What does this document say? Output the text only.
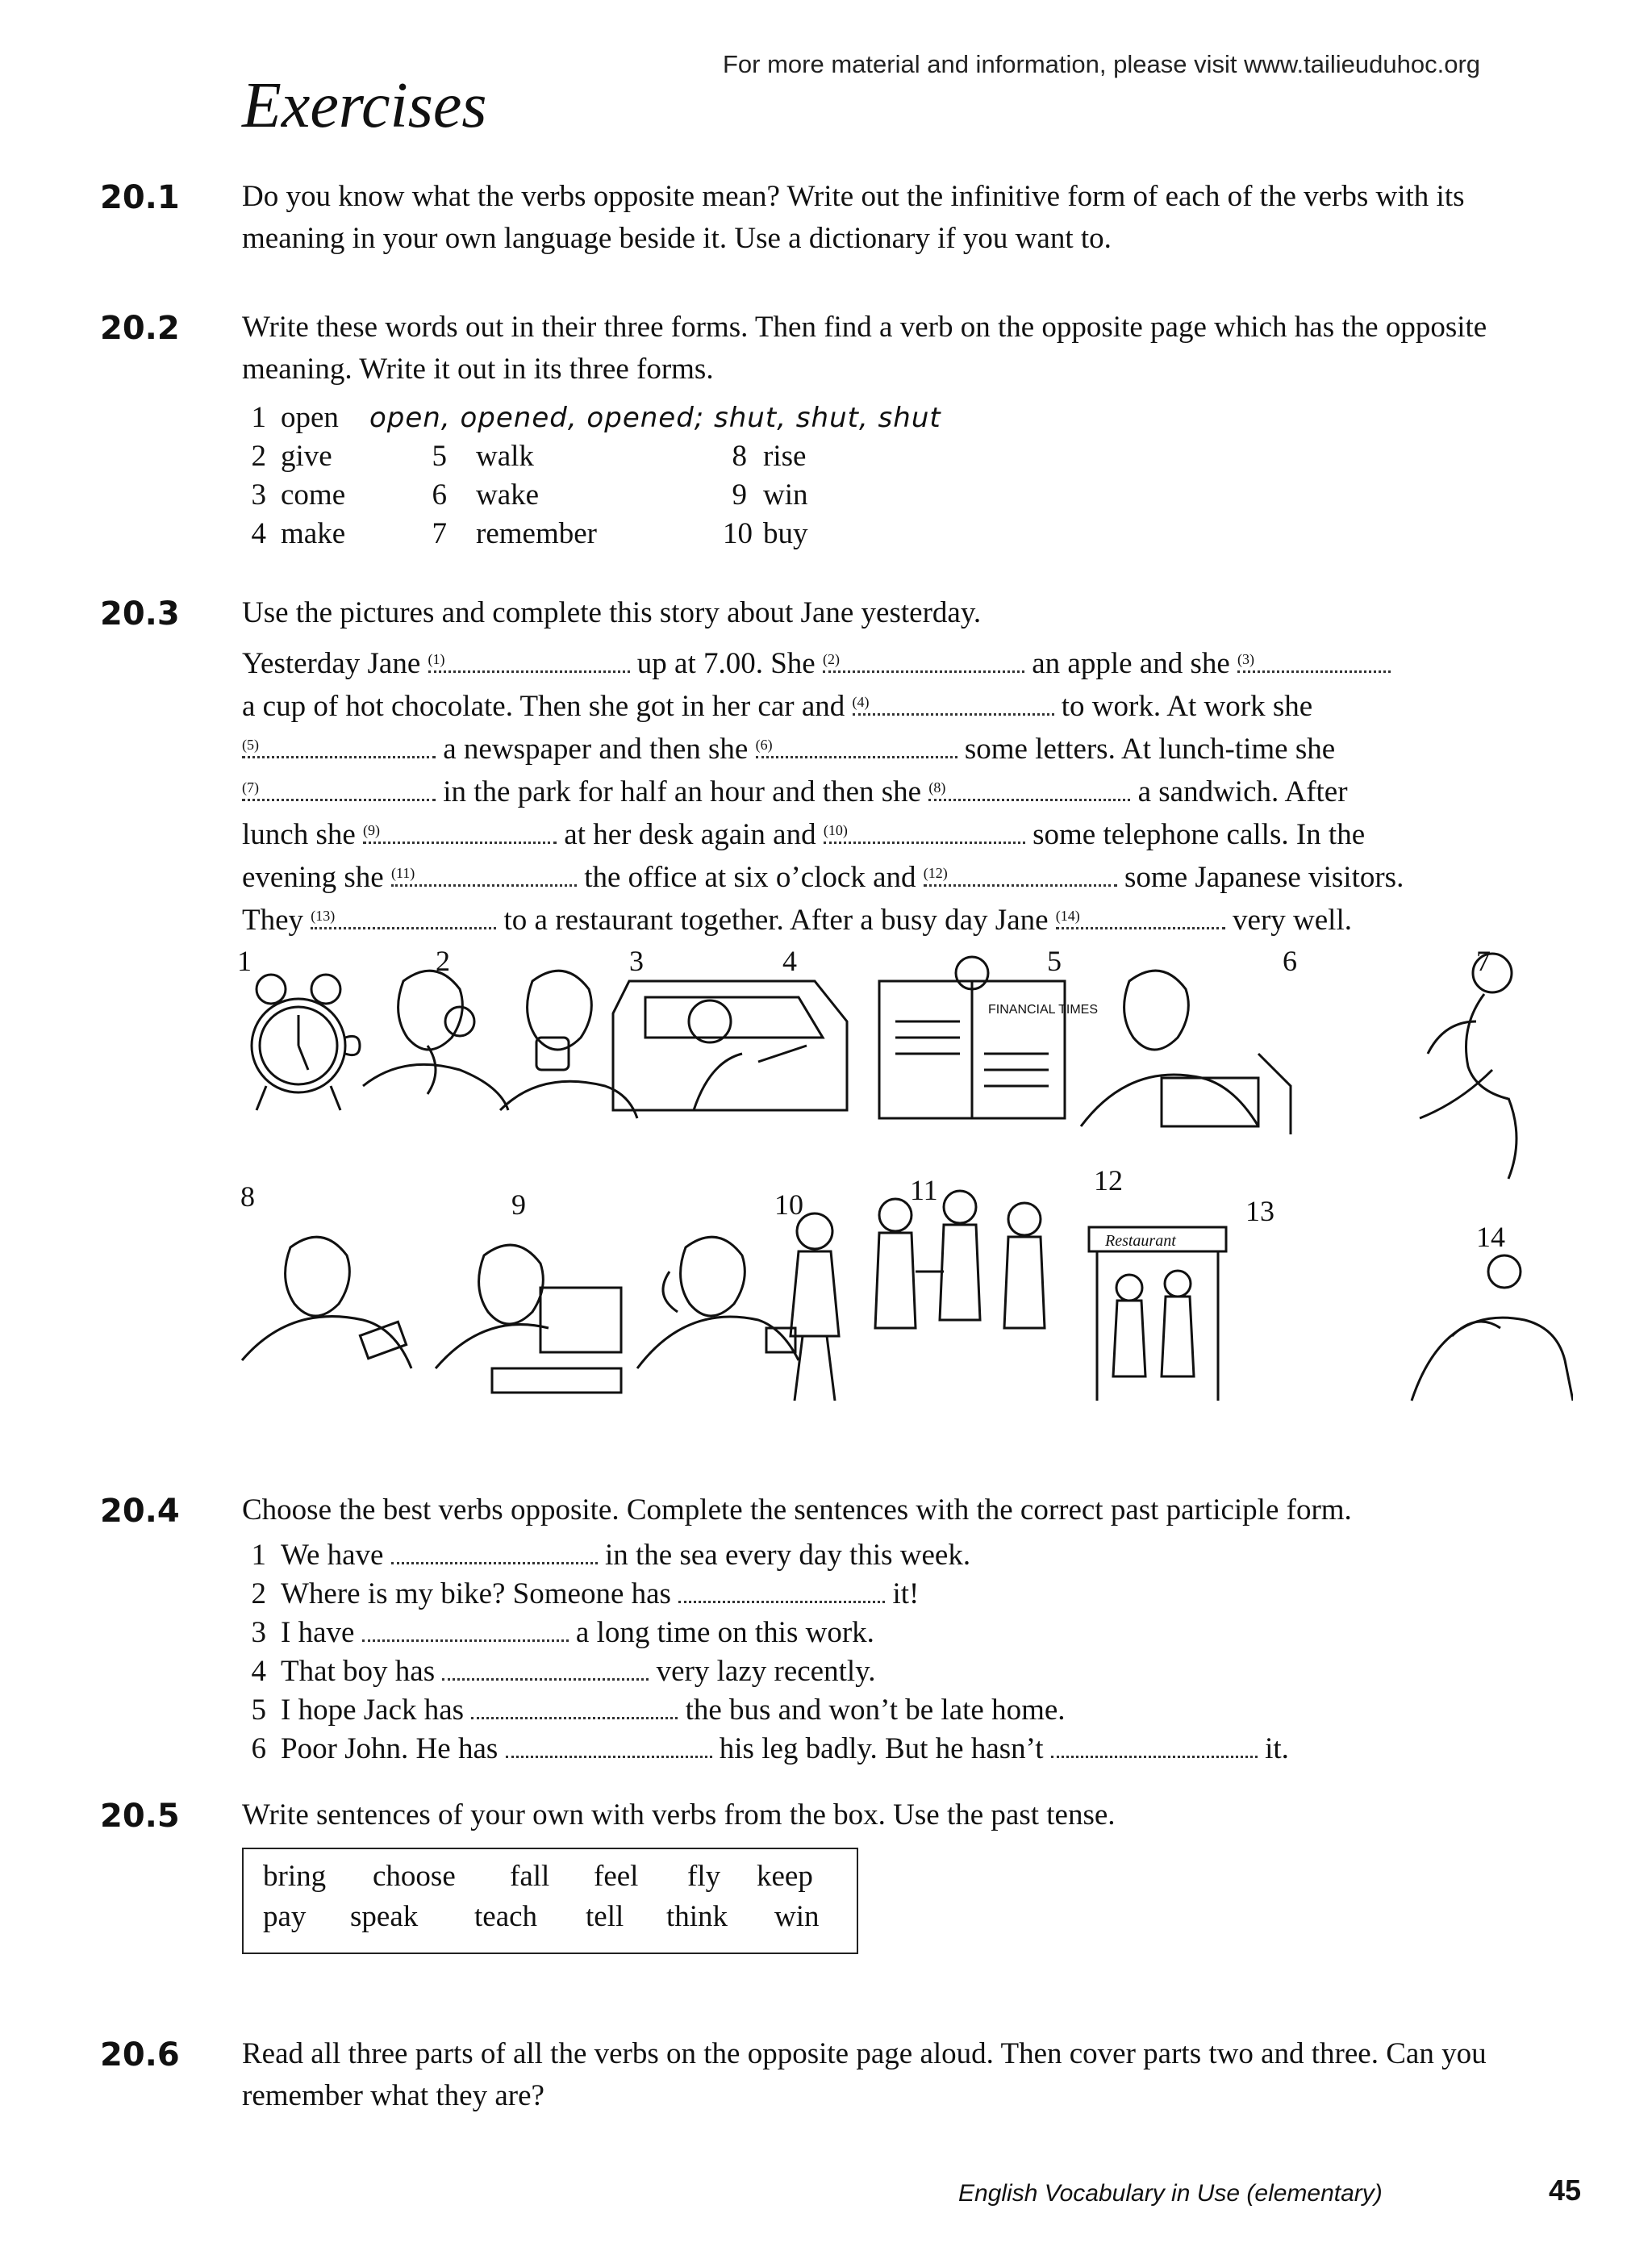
For more material and information, please visit www.tailieuduhoc.org
Exercises
20.1	Do you know what the verbs opposite mean? Write out the infinitive form of each of the verbs with its meaning in your own language beside it. Use a dictionary if you want to.
20.2	Write these words out in their three forms. Then find a verb on the opposite page which has the opposite meaning. Write it out in its three forms.
1 open open, opened, opened; shut, shut, shut
2 give	5 walk	8 rise
3 come	6 wake	9 win
4 make	7 remember	10 buy
20.3	Use the pictures and complete this story about Jane yesterday.
Yesterday Jane (1)	up at 7.00. She (2)	an apple and she (3)
a cup of hot chocolate. Then she got in her car and (4)	to work. At work she
(5)	a newspaper and then she (6)	some letters. At lunch-time she
(7)	in the park for half an hour and then she (8)	a sandwich. After
lunch she (9)	at her desk again and (10)	some telephone calls. In the
evening she (11)	the office at six o’clock and (12)	some Japanese visitors.
They (13)	to a restaurant together. After a busy day Jane (14)	very well.
FINANCIAL TIMES
Restaurant
1	2	3	4	5	6	7
8	9	10	11	12
13
14
20.4	Choose the best verbs opposite. Complete the sentences with the correct past participle form.
1 We have	in the sea every day this week.
2 Where is my bike? Someone has	it!
3 I have	a long time on this work.
4 That boy has	very lazy recently.
5 I hope Jack has	the bus and won’t be late home.
6 Poor John. He has	his leg badly. But he hasn’t	it.
20.5	Write sentences of your own with verbs from the box. Use the past tense.
bring choose fall feel fly keep
pay speak teach tell think win
20.6	Read all three parts of all the verbs on the opposite page aloud. Then cover parts two and three. Can you remember what they are?
English Vocabulary in Use (elementary)	45
